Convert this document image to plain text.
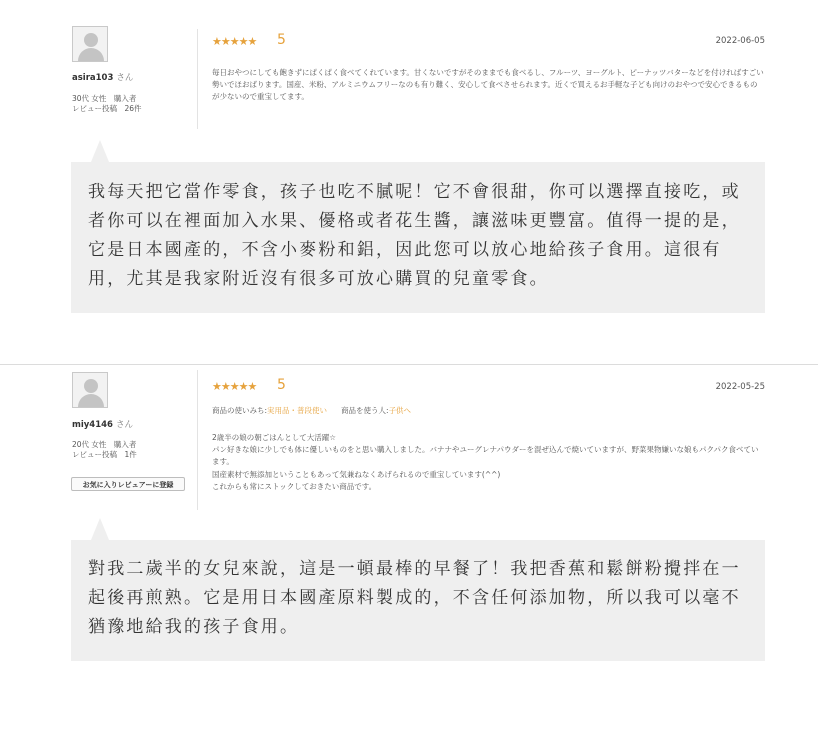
asira103 さん
30代 女性　購入者
レビュー投稿　26件
★★★★★ 5	2022-06-05
毎日おやつにしても飽きずにぱくぱく食べてくれています。甘くないですがそのままでも食べるし、フルーツ、ヨーグルト、ピーナッツバターなどを付ければすごい勢いでほおばります。国産、米粉、アルミニウムフリーなのも有り難く、安心して食べさせられます。近くで買えるお手軽な子ども向けのおやつで安心できるものが少ないので重宝してます。
我每天把它當作零食，孩子也吃不膩呢！它不會很甜，你可以選擇直接吃，或者你可以在裡面加入水果、優格或者花生醬，讓滋味更豐富。值得一提的是，它是日本國產的，不含小麥粉和鋁，因此您可以放心地給孩子食用。這很有用，尤其是我家附近沒有很多可放心購買的兒童零食。
miy4146 さん
20代 女性　購入者
レビュー投稿　1件
お気に入りレビュアーに登録
★★★★★ 5	2022-05-25
商品の使いみち:実用品・普段使い 商品を使う人:子供へ
2歳半の娘の朝ごはんとして大活躍☆
パン好きな娘に少しでも体に優しいものをと思い購入しました。バナナやユーグレナパウダーを混ぜ込んで焼いていますが、野菜果物嫌いな娘もパクパク食べています。
国産素材で無添加ということもあって気兼ねなくあげられるので重宝しています(^^)
これからも常にストックしておきたい商品です。
對我二歲半的女兒來說，這是一頓最棒的早餐了！我把香蕉和鬆餅粉攪拌在一起後再煎熟。它是用日本國產原料製成的，不含任何添加物，所以我可以毫不猶豫地給我的孩子食用。
